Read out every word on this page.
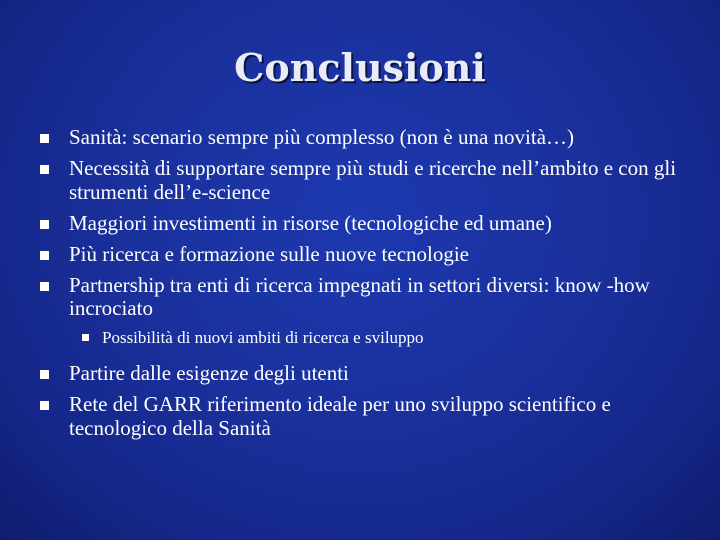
Conclusioni
Sanità: scenario sempre più complesso (non è una novità…)
Necessità di supportare sempre più studi e ricerche nell’ambito e con gli strumenti dell’e-science
Maggiori investimenti in risorse (tecnologiche ed umane)
Più ricerca e formazione sulle nuove tecnologie
Partnership tra enti di ricerca impegnati in settori diversi: know -how incrociato
Possibilità di nuovi ambiti di ricerca e sviluppo
Partire dalle esigenze degli utenti
Rete del GARR riferimento ideale per uno sviluppo scientifico e tecnologico della Sanità
